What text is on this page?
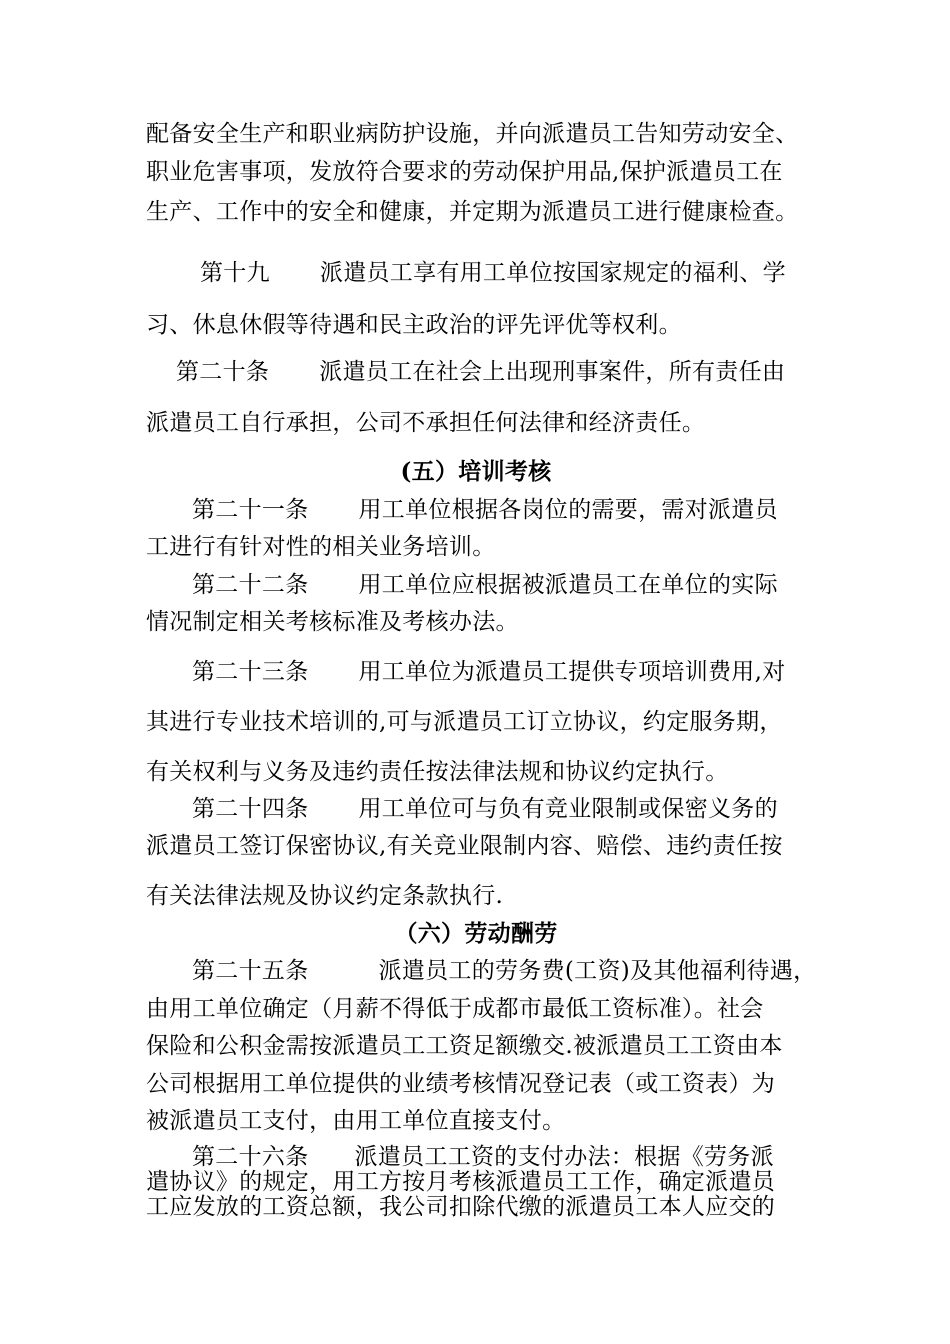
配备安全生产和职业病防护设施，并向派遣员工告知劳动安全、
职业危害事项，发放符合要求的劳动保护用品,保护派遣员工在
生产、工作中的安全和健康，并定期为派遣员工进行健康检查。
第十九 派遣员工享有用工单位按国家规定的福利、学
习、休息休假等待遇和民主政治的评先评优等权利。
第二十条 派遣员工在社会上出现刑事案件，所有责任由
派遣员工自行承担，公司不承担任何法律和经济责任。
(五）培训考核
第二十一条 用工单位根据各岗位的需要，需对派遣员
工进行有针对性的相关业务培训。
第二十二条 用工单位应根据被派遣员工在单位的实际
情况制定相关考核标准及考核办法。
第二十三条 用工单位为派遣员工提供专项培训费用,对
其进行专业技术培训的,可与派遣员工订立协议，约定服务期，
有关权利与义务及违约责任按法律法规和协议约定执行。
第二十四条 用工单位可与负有竞业限制或保密义务的
派遣员工签订保密协议,有关竞业限制内容、赔偿、违约责任按
有关法律法规及协议约定条款执行.
（六）劳动酬劳
第二十五条	派遣员工的劳务费(工资)及其他福利待遇，
由用工单位确定（月薪不得低于成都市最低工资标准）。社会
保险和公积金需按派遣员工工资足额缴交.被派遣员工工资由本
公司根据用工单位提供的业绩考核情况登记表（或工资表）为
被派遣员工支付，由用工单位直接支付。
第二十六条 派遣员工工资的支付办法：根据《劳务派
遣协议》的规定，用工方按月考核派遣员工工作，确定派遣员
工应发放的工资总额，我公司扣除代缴的派遣员工本人应交的
